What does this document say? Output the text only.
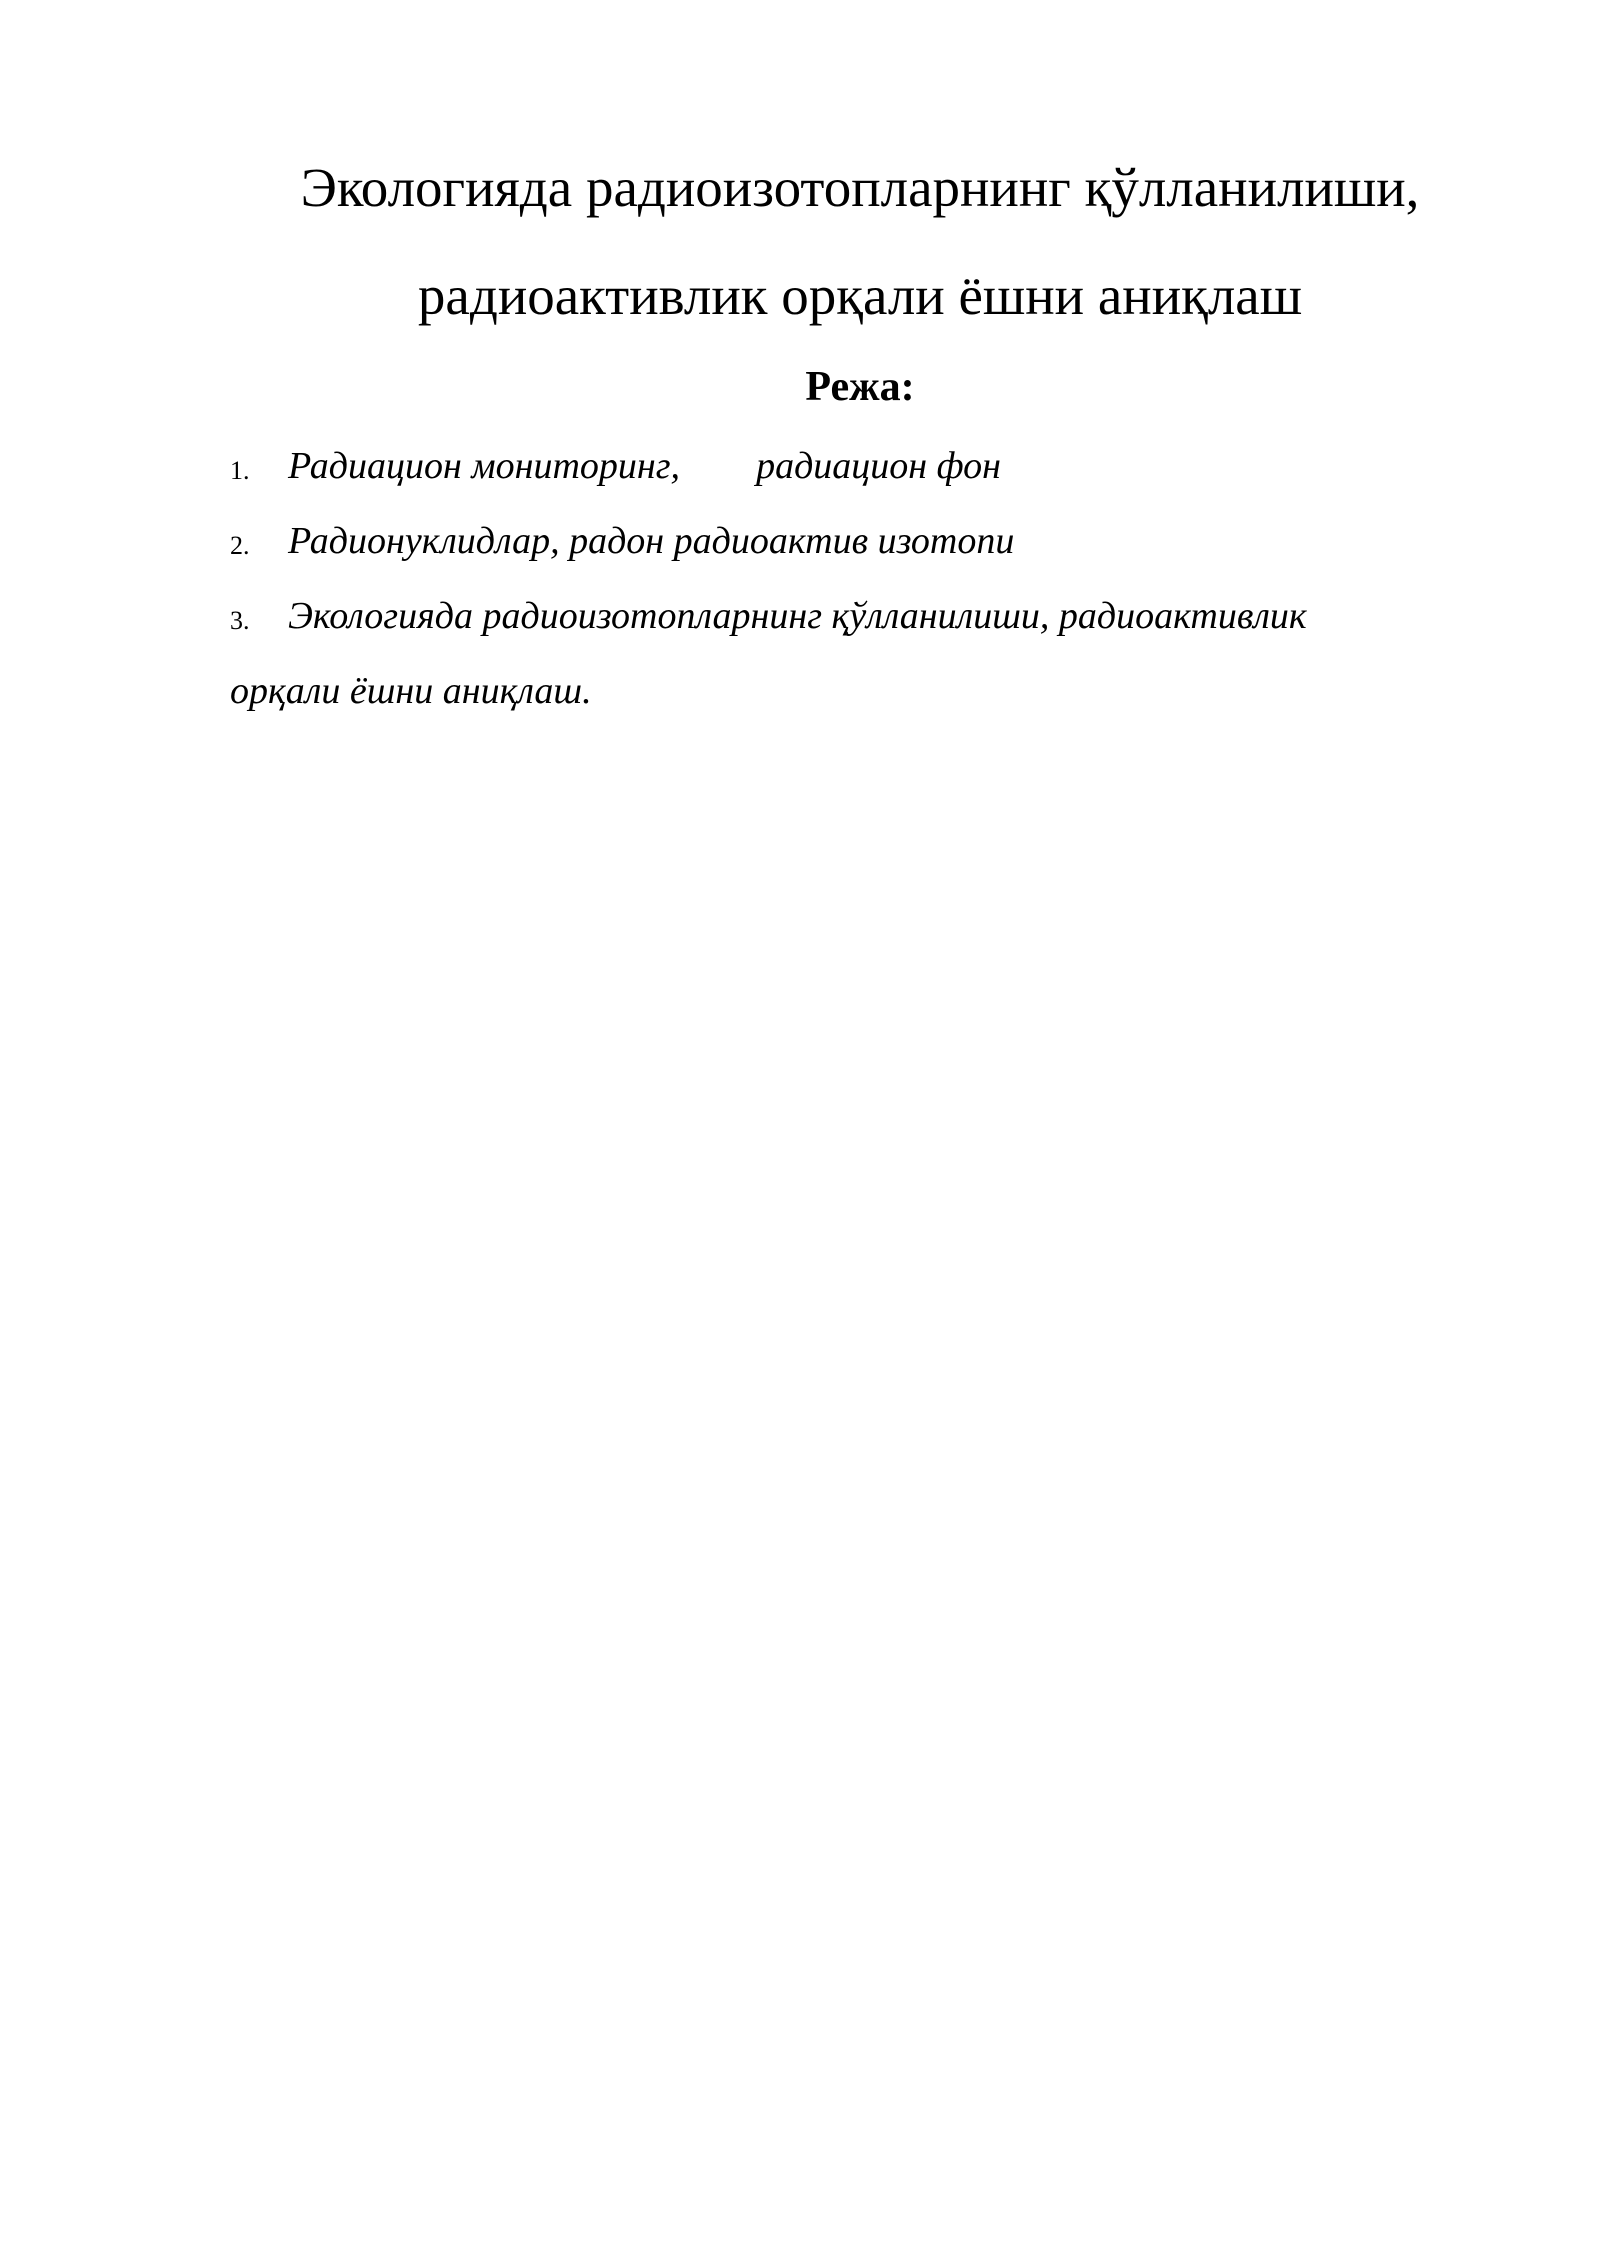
Экологияда радиоизотопларнинг қўлланилиши,
радиоактивлик орқали ёшни аниқлаш
Режа:
1. Радиацион мониторинг, радиацион фон
2. Радионуклидлар, радон радиоактив изотопи
3. Экологияда радиоизотопларнинг қўлланилиши, радиоактивлик
орқали ёшни аниқлаш.
